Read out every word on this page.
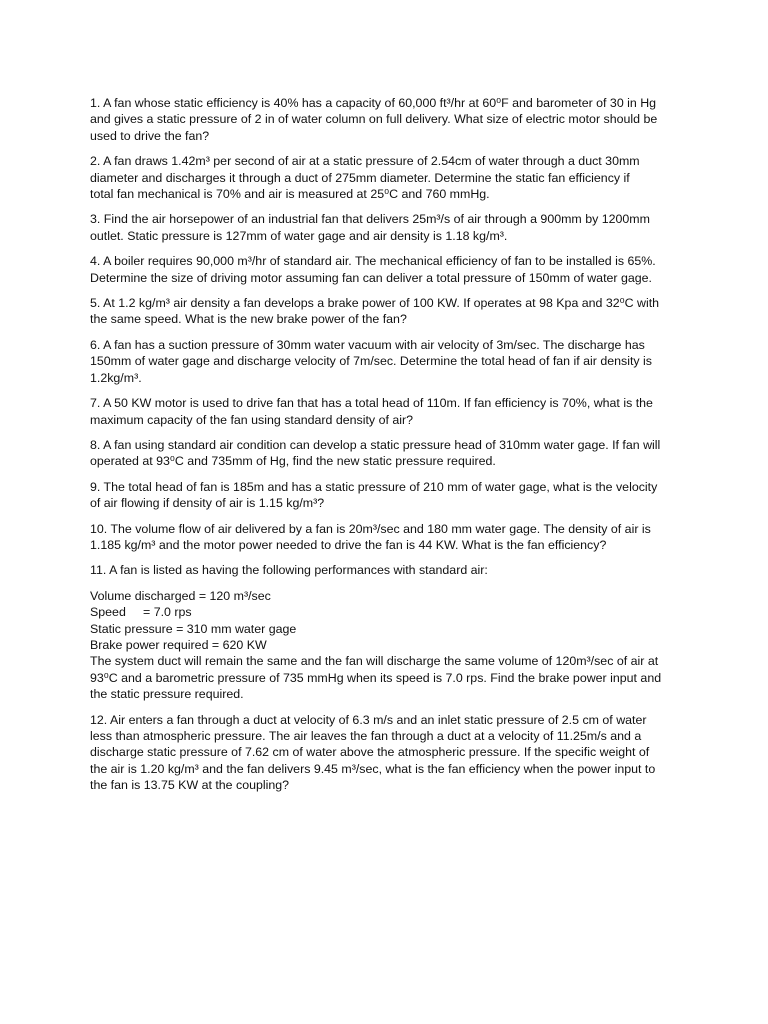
1. A fan whose static efficiency is 40% has a capacity of 60,000 ft³/hr at 60⁰F and barometer of 30 in Hg
and gives a static pressure of 2 in of water column on full delivery. What size of electric motor should be
used to drive the fan?
2. A fan draws 1.42m³ per second of air at a static pressure of 2.54cm of water through a duct 30mm
diameter and discharges it through a duct of 275mm diameter. Determine the static fan efficiency if
total fan mechanical is 70% and air is measured at 25⁰C and 760 mmHg.
3. Find the air horsepower of an industrial fan that delivers 25m³/s of air through a 900mm by 1200mm
outlet. Static pressure is 127mm of water gage and air density is 1.18 kg/m³.
4. A boiler requires 90,000 m³/hr of standard air. The mechanical efficiency of fan to be installed is 65%.
Determine the size of driving motor assuming fan can deliver a total pressure of 150mm of water gage.
5. At 1.2 kg/m³ air density a fan develops a brake power of 100 KW. If operates at 98 Kpa and 32⁰C with
the same speed. What is the new brake power of the fan?
6. A fan has a suction pressure of 30mm water vacuum with air velocity of 3m/sec. The discharge has
150mm of water gage and discharge velocity of 7m/sec. Determine the total head of fan if air density is
1.2kg/m³.
7. A 50 KW motor is used to drive fan that has a total head of 110m. If fan efficiency is 70%, what is the
maximum capacity of the fan using standard density of air?
8. A fan using standard air condition can develop a static pressure head of 310mm water gage. If fan will
operated at 93⁰C and 735mm of Hg, find the new static pressure required.
9. The total head of fan is 185m and has a static pressure of 210 mm of water gage, what is the velocity
of air flowing if density of air is 1.15 kg/m³?
10. The volume flow of air delivered by a fan is 20m³/sec and 180 mm water gage. The density of air is
1.185 kg/m³ and the motor power needed to drive the fan is 44 KW. What is the fan efficiency?
11. A fan is listed as having the following performances with standard air:
Volume discharged = 120 m³/sec
Speed     = 7.0 rps
Static pressure = 310 mm water gage
Brake power required = 620 KW
The system duct will remain the same and the fan will discharge the same volume of 120m³/sec of air at
93⁰C and a barometric pressure of 735 mmHg when its speed is 7.0 rps. Find the brake power input and
the static pressure required.
12. Air enters a fan through a duct at velocity of 6.3 m/s and an inlet static pressure of 2.5 cm of water
less than atmospheric pressure. The air leaves the fan through a duct at a velocity of 11.25m/s and a
discharge static pressure of 7.62 cm of water above the atmospheric pressure. If the specific weight of
the air is 1.20 kg/m³ and the fan delivers 9.45 m³/sec, what is the fan efficiency when the power input to
the fan is 13.75 KW at the coupling?
